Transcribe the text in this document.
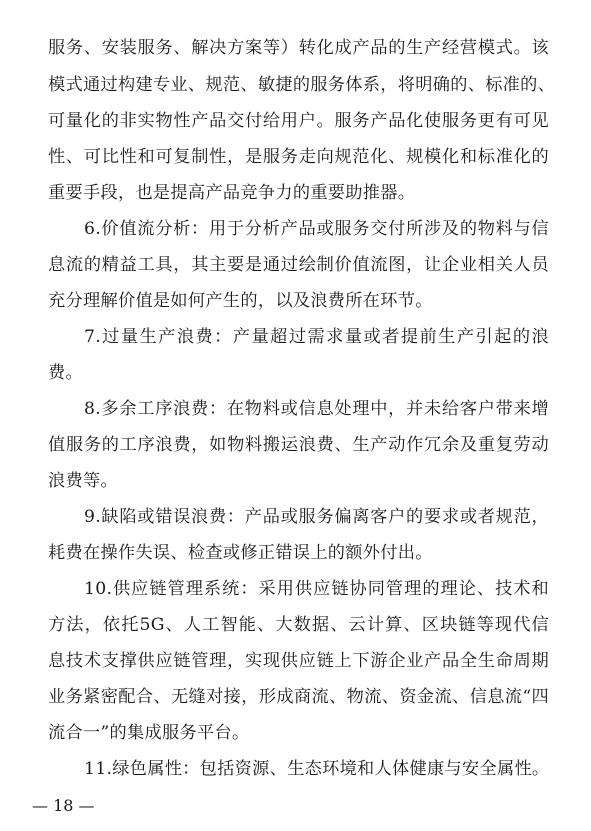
服务、安装服务、解决方案等）转化成产品的生产经营模式。该
模式通过构建专业、规范、敏捷的服务体系，将明确的、标准的、
可量化的非实物性产品交付给用户。服务产品化使服务更有可见
性、可比性和可复制性，是服务走向规范化、规模化和标准化的
重要手段，也是提高产品竞争力的重要助推器。
6.价值流分析：用于分析产品或服务交付所涉及的物料与信
息流的精益工具，其主要是通过绘制价值流图，让企业相关人员
充分理解价值是如何产生的，以及浪费所在环节。
7.过量生产浪费：产量超过需求量或者提前生产引起的浪
费。
8.多余工序浪费：在物料或信息处理中，并未给客户带来增
值服务的工序浪费，如物料搬运浪费、生产动作冗余及重复劳动
浪费等。
9.缺陷或错误浪费：产品或服务偏离客户的要求或者规范，
耗费在操作失误、检查或修正错误上的额外付出。
10.供应链管理系统：采用供应链协同管理的理论、技术和
方法，依托5G、人工智能、大数据、云计算、区块链等现代信
息技术支撑供应链管理，实现供应链上下游企业产品全生命周期
业务紧密配合、无缝对接，形成商流、物流、资金流、信息流“四
流合一”的集成服务平台。
11.绿色属性：包括资源、生态环境和人体健康与安全属性。
— 18 —
